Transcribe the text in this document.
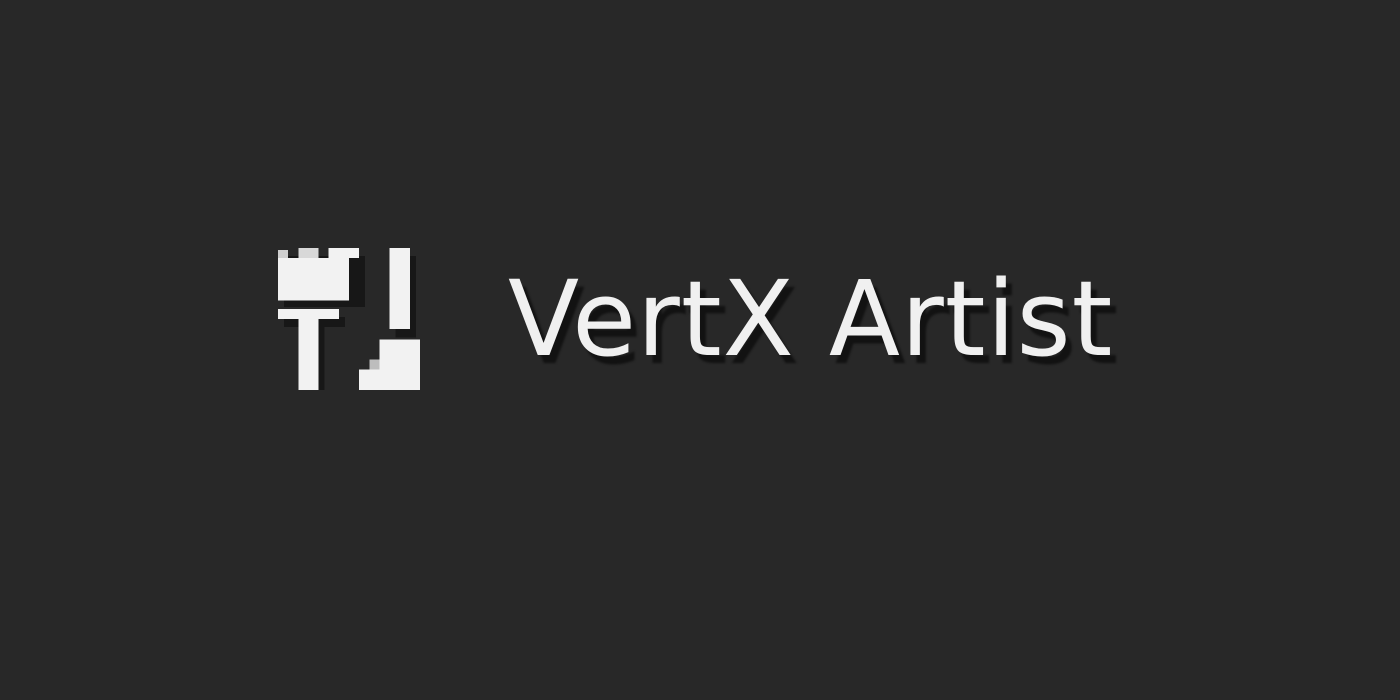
VertX Artist
